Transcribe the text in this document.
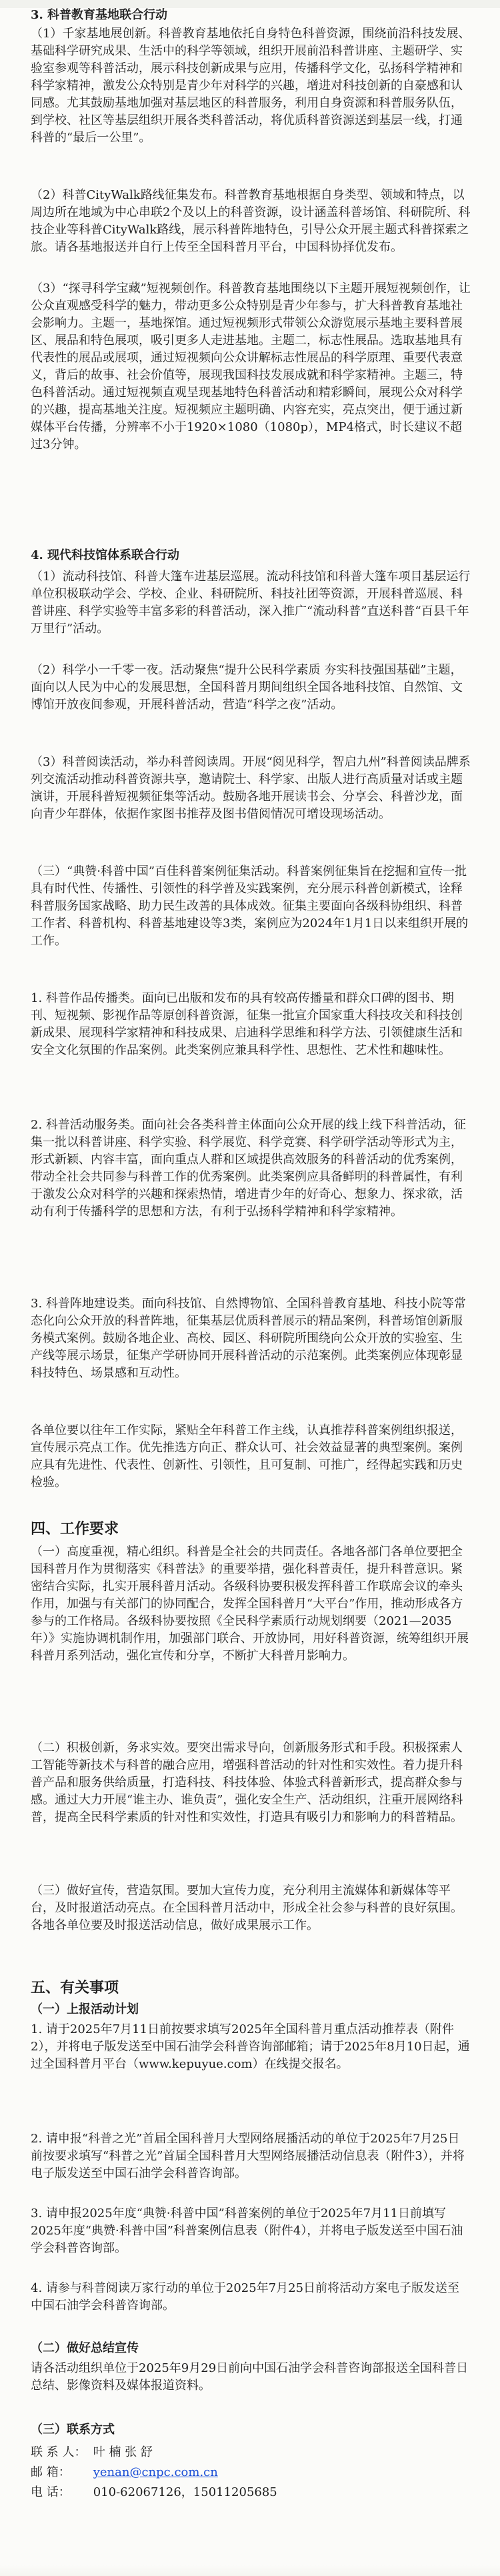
3. 科普教育基地联合行动
（1）千家基地展创新。科普教育基地依托自身特色科普资源，围绕前沿科技发展、基础科学研究成果、生活中的科学等领域，组织开展前沿科普讲座、主题研学、实验室参观等科普活动，展示科技创新成果与应用，传播科学文化，弘扬科学精神和科学家精神，激发公众特别是青少年对科学的兴趣，增进对科技创新的自豪感和认同感。尤其鼓励基地加强对基层地区的科普服务，利用自身资源和科普服务队伍，到学校、社区等基层组织开展各类科普活动，将优质科普资源送到基层一线，打通科普的“最后一公里”。
（2）科普CityWalk路线征集发布。科普教育基地根据自身类型、领域和特点，以周边所在地域为中心串联2个及以上的科普资源，设计涵盖科普场馆、科研院所、科技企业等科普CityWalk路线，展示科普阵地特色，引导公众开展主题式科普探索之旅。请各基地报送并自行上传至全国科普月平台，中国科协择优发布。
（3）“探寻科学宝藏”短视频创作。科普教育基地围绕以下主题开展短视频创作，让公众直观感受科学的魅力，带动更多公众特别是青少年参与，扩大科普教育基地社会影响力。主题一，基地探馆。通过短视频形式带领公众游览展示基地主要科普展区、展品和特色展项，吸引更多人走进基地。主题二，标志性展品。选取基地具有代表性的展品或展项，通过短视频向公众讲解标志性展品的科学原理、重要代表意义，背后的故事、社会价值等，展现我国科技发展成就和科学家精神。主题三，特色科普活动。通过短视频直观呈现基地特色科普活动和精彩瞬间，展现公众对科学的兴趣，提高基地关注度。短视频应主题明确、内容充实，亮点突出，便于通过新媒体平台传播，分辨率不小于1920×1080（1080p），MP4格式，时长建议不超过3分钟。
4. 现代科技馆体系联合行动
（1）流动科技馆、科普大篷车进基层巡展。流动科技馆和科普大篷车项目基层运行单位积极联动学会、学校、企业、科研院所、科技社团等资源，开展科普巡展、科普讲座、科学实验等丰富多彩的科普活动，深入推广“流动科普”直送科普“百县千年万里行”活动。
（2）科学小一千零一夜。活动聚焦“提升公民科学素质 夯实科技强国基础”主题，面向以人民为中心的发展思想，全国科普月期间组织全国各地科技馆、自然馆、文博馆开放夜间参观，开展科普活动，营造“科学之夜”活动。
（3）科普阅读活动，举办科普阅读周。开展“阅见科学，智启九州”科普阅读品牌系列交流活动推动科普资源共享，邀请院士、科学家、出版人进行高质量对话或主题演讲，开展科普短视频征集等活动。鼓励各地开展读书会、分享会、科普沙龙，面向青少年群体，依据作家图书推荐及图书借阅情况可增设现场活动。
（三）“典赞·科普中国”百佳科普案例征集活动。科普案例征集旨在挖掘和宣传一批具有时代性、传播性、引领性的科学普及实践案例，充分展示科普创新模式，诠释科普服务国家战略、助力民生改善的具体成效。征集主要面向各级科协组织、科普工作者、科普机构、科普基地建设等3类，案例应为2024年1月1日以来组织开展的工作。
1. 科普作品传播类。面向已出版和发布的具有较高传播量和群众口碑的图书、期刊、短视频、影视作品等原创科普资源，征集一批宣介国家重大科技攻关和科技创新成果、展现科学家精神和科技成果、启迪科学思维和科学方法、引领健康生活和安全文化氛围的作品案例。此类案例应兼具科学性、思想性、艺术性和趣味性。
2. 科普活动服务类。面向社会各类科普主体面向公众开展的线上线下科普活动，征集一批以科普讲座、科学实验、科学展览、科学竞赛、科学研学活动等形式为主，形式新颖、内容丰富，面向重点人群和区域提供高效服务的科普活动的优秀案例，带动全社会共同参与科普工作的优秀案例。此类案例应具备鲜明的科普属性，有利于激发公众对科学的兴趣和探索热情，增进青少年的好奇心、想象力、探求欲，活动有利于传播科学的思想和方法，有利于弘扬科学精神和科学家精神。
3. 科普阵地建设类。面向科技馆、自然博物馆、全国科普教育基地、科技小院等常态化向公众开放的科普阵地，征集基层优质科普展示的精品案例，科普场馆创新服务模式案例。鼓励各地企业、高校、园区、科研院所围绕向公众开放的实验室、生产线等展示场景，征集产学研协同开展科普活动的示范案例。此类案例应体现彰显科技特色、场景感和互动性。
各单位要以往年工作实际，紧贴全年科普工作主线，认真推荐科普案例组织报送，宣传展示亮点工作。优先推选方向正、群众认可、社会效益显著的典型案例。案例应具有先进性、代表性、创新性、引领性，且可复制、可推广，经得起实践和历史检验。
四、工作要求
（一）高度重视，精心组织。科普是全社会的共同责任。各地各部门各单位要把全国科普月作为贯彻落实《科普法》的重要举措，强化科普责任，提升科普意识。紧密结合实际，扎实开展科普月活动。各级科协要积极发挥科普工作联席会议的牵头作用，加强与有关部门的协同配合，发挥全国科普月“大平台”作用，推动形成各方参与的工作格局。各级科协要按照《全民科学素质行动规划纲要（2021—2035年）》实施协调机制作用，加强部门联合、开放协同，用好科普资源，统筹组织开展科普月系列活动，强化宣传和分享，不断扩大科普月影响力。
（二）积极创新，务求实效。要突出需求导向，创新服务形式和手段。积极探索人工智能等新技术与科普的融合应用，增强科普活动的针对性和实效性。着力提升科普产品和服务供给质量，打造科技、科技体验、体验式科普新形式，提高群众参与感。通过大力开展“谁主办、谁负责”，强化安全生产、活动组织，注重开展网络科普，提高全民科学素质的针对性和实效性，打造具有吸引力和影响力的科普精品。
（三）做好宣传，营造氛围。要加大宣传力度，充分利用主流媒体和新媒体等平台，及时报道活动亮点。在全国科普月活动中，形成全社会参与科普的良好氛围。各地各单位要及时报送活动信息，做好成果展示工作。
五、有关事项
（一）上报活动计划
1. 请于2025年7月11日前按要求填写2025年全国科普月重点活动推荐表（附件2），并将电子版发送至中国石油学会科普咨询部邮箱；请于2025年8月10日起，通过全国科普月平台（www.kepuyue.com）在线提交报名。
2. 请申报“科普之光”首届全国科普月大型网络展播活动的单位于2025年7月25日前按要求填写“科普之光”首届全国科普月大型网络展播活动信息表（附件3），并将电子版发送至中国石油学会科普咨询部。
3. 请申报2025年度“典赞·科普中国”科普案例的单位于2025年7月11日前填写2025年度“典赞·科普中国”科普案例信息表（附件4），并将电子版发送至中国石油学会科普咨询部。
4. 请参与科普阅读万家行动的单位于2025年7月25日前将活动方案电子版发送至中国石油学会科普咨询部。
（二）做好总结宣传
请各活动组织单位于2025年9月29日前向中国石油学会科普咨询部报送全国科普日总结、影像资料及媒体报道资料。
（三）联系方式
联 系 人： 叶 楠 张 舒
邮 箱： yenan@cnpc.com.cn
电 话： 010-62067126，15011205685
